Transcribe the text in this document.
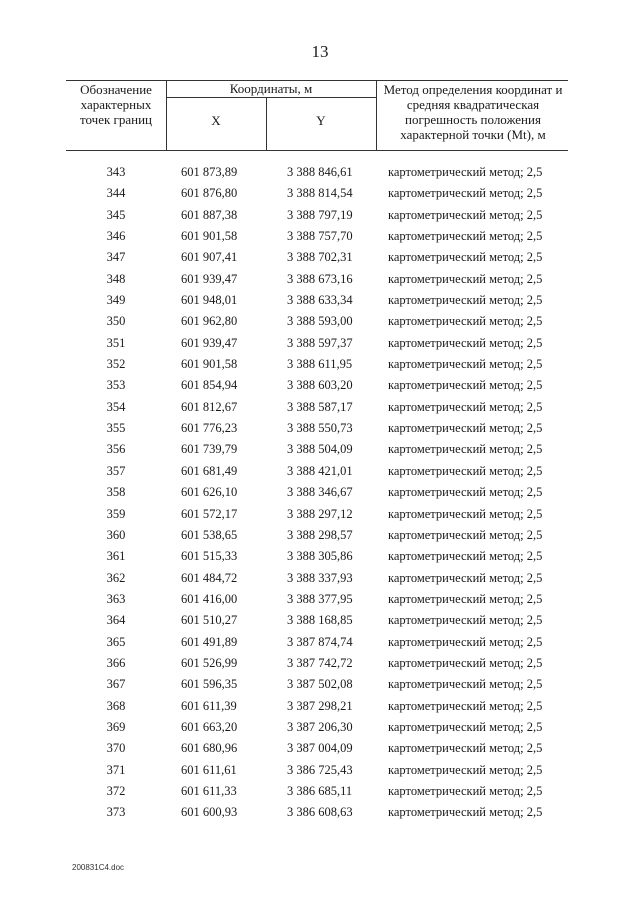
13
Обозначение характерных точек границ
Координаты, м
X	Y
Метод определения координат и средняя квадратическая погрешность положения характерной точки (Mt), м
343	601 873,89	3 388 846,61	картометрический метод; 2,5
344	601 876,80	3 388 814,54	картометрический метод; 2,5
345	601 887,38	3 388 797,19	картометрический метод; 2,5
346	601 901,58	3 388 757,70	картометрический метод; 2,5
347	601 907,41	3 388 702,31	картометрический метод; 2,5
348	601 939,47	3 388 673,16	картометрический метод; 2,5
349	601 948,01	3 388 633,34	картометрический метод; 2,5
350	601 962,80	3 388 593,00	картометрический метод; 2,5
351	601 939,47	3 388 597,37	картометрический метод; 2,5
352	601 901,58	3 388 611,95	картометрический метод; 2,5
353	601 854,94	3 388 603,20	картометрический метод; 2,5
354	601 812,67	3 388 587,17	картометрический метод; 2,5
355	601 776,23	3 388 550,73	картометрический метод; 2,5
356	601 739,79	3 388 504,09	картометрический метод; 2,5
357	601 681,49	3 388 421,01	картометрический метод; 2,5
358	601 626,10	3 388 346,67	картометрический метод; 2,5
359	601 572,17	3 388 297,12	картометрический метод; 2,5
360	601 538,65	3 388 298,57	картометрический метод; 2,5
361	601 515,33	3 388 305,86	картометрический метод; 2,5
362	601 484,72	3 388 337,93	картометрический метод; 2,5
363	601 416,00	3 388 377,95	картометрический метод; 2,5
364	601 510,27	3 388 168,85	картометрический метод; 2,5
365	601 491,89	3 387 874,74	картометрический метод; 2,5
366	601 526,99	3 387 742,72	картометрический метод; 2,5
367	601 596,35	3 387 502,08	картометрический метод; 2,5
368	601 611,39	3 387 298,21	картометрический метод; 2,5
369	601 663,20	3 387 206,30	картометрический метод; 2,5
370	601 680,96	3 387 004,09	картометрический метод; 2,5
371	601 611,61	3 386 725,43	картометрический метод; 2,5
372	601 611,33	3 386 685,11	картометрический метод; 2,5
373	601 600,93	3 386 608,63	картометрический метод; 2,5
200831C4.doc
